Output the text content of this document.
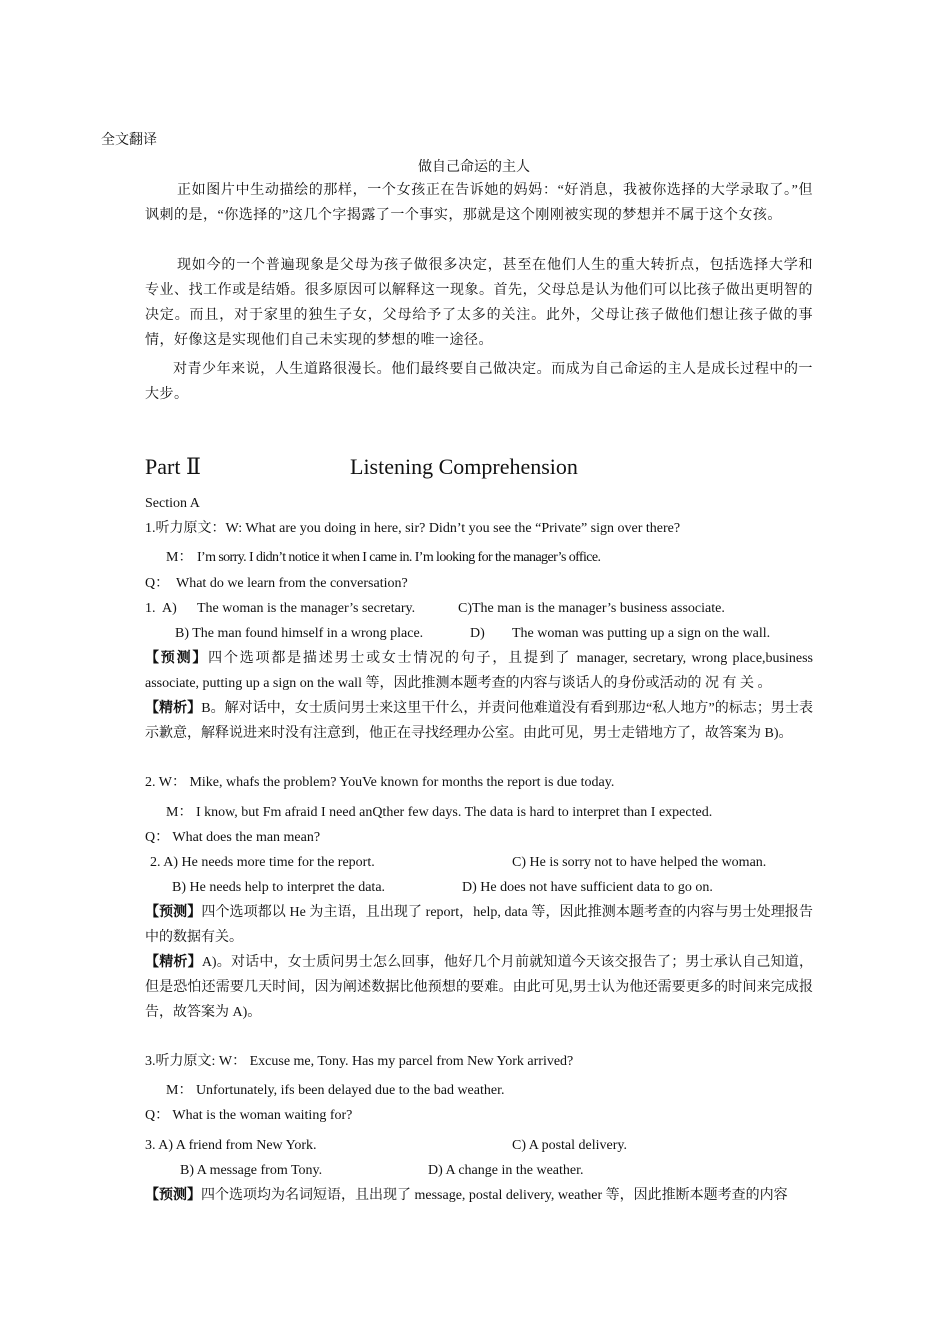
全文翻译
做自己命运的主人
正如图片中生动描绘的那样，一个女孩正在告诉她的妈妈：“好消息，我被你选择的大学录取了。”但讽刺的是，“你选择的”这几个字揭露了一个事实，那就是这个刚刚被实现的梦想并不属于这个女孩。
现如今的一个普遍现象是父母为孩子做很多决定，甚至在他们人生的重大转折点，包括选择大学和专业、找工作或是结婚。很多原因可以解释这一现象。首先，父母总是认为他们可以比孩子做出更明智的决定。而且，对于家里的独生子女，父母给予了太多的关注。此外，父母让孩子做他们想让孩子做的事情，好像这是实现他们自己未实现的梦想的唯一途径。
对青少年来说，人生道路很漫长。他们最终要自己做决定。而成为自己命运的主人是成长过程中的一大步。
Part Ⅱ	Listening Comprehension
Section A
1.听力原文：W: What are you doing in here, sir? Didn’t you see the “Private” sign over there?
M： I’m sorry. I didn’t notice it when I came in. I’m looking for the manager’s office.
Q： What do we learn from the conversation?
1. A) The woman is the manager’s secretary.	C)The man is the manager’s business associate.
B) The man found himself in a wrong place.	D) The woman was putting up a sign on the wall.
【预测】四个选项都是描述男士或女士情况的句子，且提到了 manager, secretary, wrong place,business associate, putting up a sign on the wall 等，因此推测本题考查的内容与谈话人的身份或活动的 况 有 关 。
【精析】B。解对话中，女士质问男士来这里干什么，并责问他难道没有看到那边“私人地方”的标志；男士表示歉意，解释说进来时没有注意到，他正在寻找经理办公室。由此可见，男士走错地方了，故答案为 B)。
2. W： Mike, whafs the problem? YouVe known for months the report is due today.
M： I know, but Fm afraid I need anQther few days. The data is hard to interpret than I expected.
Q： What does the man mean?
2. A) He needs more time for the report.	C) He is sorry not to have helped the woman.
B) He needs help to interpret the data.	D) He does not have sufficient data to go on.
【预测】四个选项都以 He 为主语，且出现了 report，help, data 等，因此推测本题考查的内容与男士处理报告中的数据有关。
【精析】A)。对话中，女士质问男士怎么回事，他好几个月前就知道今天该交报告了；男士承认自己知道，但是恐怕还需要几天时间，因为阐述数据比他预想的要难。由此可见,男士认为他还需要更多的时间来完成报告，故答案为 A)。
3.听力原文: W： Excuse me, Tony. Has my parcel from New York arrived?
M： Unfortunately, ifs been delayed due to the bad weather.
Q： What is the woman waiting for?
3. A) A friend from New York.	C) A postal delivery.
B) A message from Tony.	D) A change in the weather.
【预测】四个选项均为名词短语，且出现了 message, postal delivery, weather 等，因此推断本题考查的内容
